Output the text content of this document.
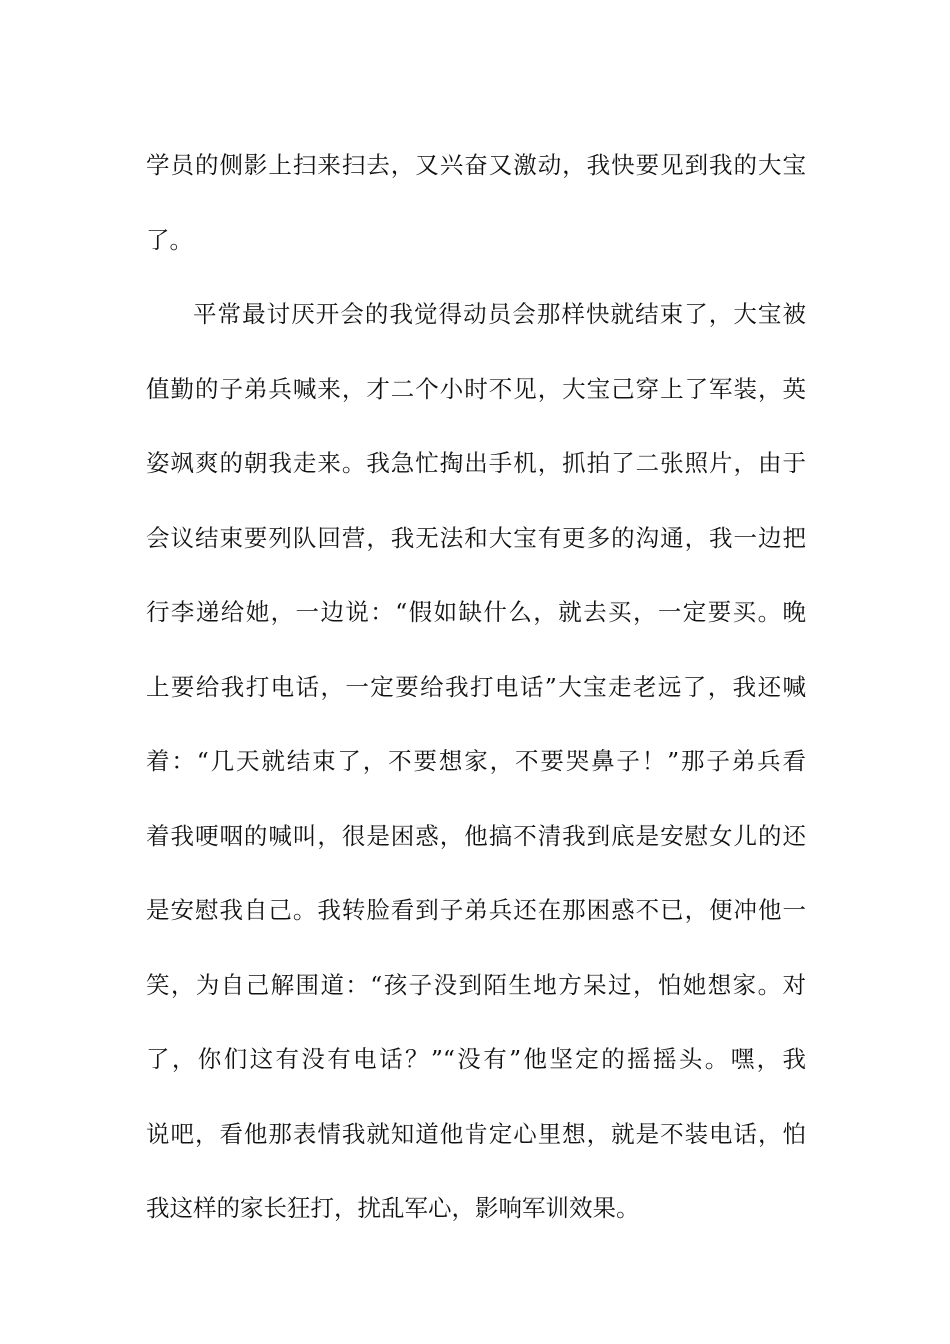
学员的侧影上扫来扫去，又兴奋又激动，我快要见到我的大宝
了。
平常最讨厌开会的我觉得动员会那样快就结束了，大宝被
值勤的子弟兵喊来，才二个小时不见，大宝己穿上了军装，英
姿飒爽的朝我走来。我急忙掏出手机，抓拍了二张照片，由于
会议结束要列队回营，我无法和大宝有更多的沟通，我一边把
行李递给她，一边说：“假如缺什么，就去买，一定要买。晚
上要给我打电话，一定要给我打电话”大宝走老远了，我还喊
着：“几天就结束了，不要想家，不要哭鼻子！”那子弟兵看
着我哽咽的喊叫，很是困惑，他搞不清我到底是安慰女儿的还
是安慰我自己。我转脸看到子弟兵还在那困惑不已，便冲他一
笑，为自己解围道：“孩子没到陌生地方呆过，怕她想家。对
了，你们这有没有电话？”“没有”他坚定的摇摇头。嘿，我
说吧，看他那表情我就知道他肯定心里想，就是不装电话，怕
我这样的家长狂打，扰乱军心，影响军训效果。
